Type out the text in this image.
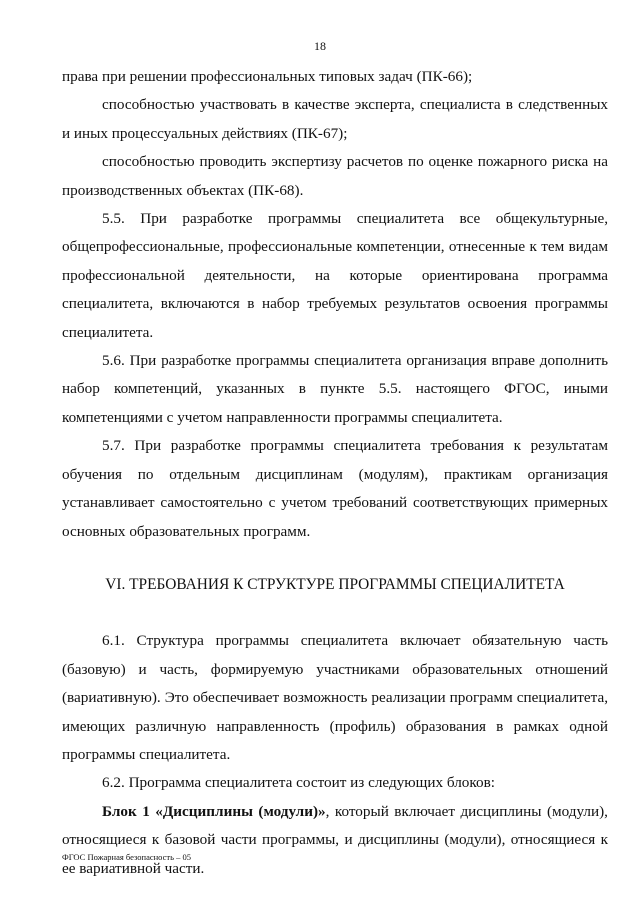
18

права при решении профессиональных типовых задач (ПК-66);

способностью участвовать в качестве эксперта, специалиста в следственных и иных процессуальных действиях (ПК-67);

способностью проводить экспертизу расчетов по оценке пожарного риска на производственных объектах (ПК-68).

5.5. При разработке программы специалитета все общекультурные, общепрофессиональные, профессиональные компетенции, отнесенные к тем видам профессиональной деятельности, на которые ориентирована программа специалитета, включаются в набор требуемых результатов освоения программы специалитета.

5.6. При разработке программы специалитета организация вправе дополнить набор компетенций, указанных в пункте 5.5. настоящего ФГОС, иными компетенциями с учетом направленности программы специалитета.

5.7. При разработке программы специалитета требования к результатам обучения по отдельным дисциплинам (модулям), практикам организация устанавливает самостоятельно с учетом требований соответствующих примерных основных образовательных программ.

VI. ТРЕБОВАНИЯ К СТРУКТУРЕ ПРОГРАММЫ СПЕЦИАЛИТЕТА

6.1. Структура программы специалитета включает обязательную часть (базовую) и часть, формируемую участниками образовательных отношений (вариативную). Это обеспечивает возможность реализации программ специалитета, имеющих различную направленность (профиль) образования в рамках одной программы специалитета.

6.2. Программа специалитета состоит из следующих блоков:

Блок 1 «Дисциплины (модули)», который включает дисциплины (модули), относящиеся к базовой части программы, и дисциплины (модули), относящиеся к ее вариативной части.

ФГОС Пожарная безопасность – 05
